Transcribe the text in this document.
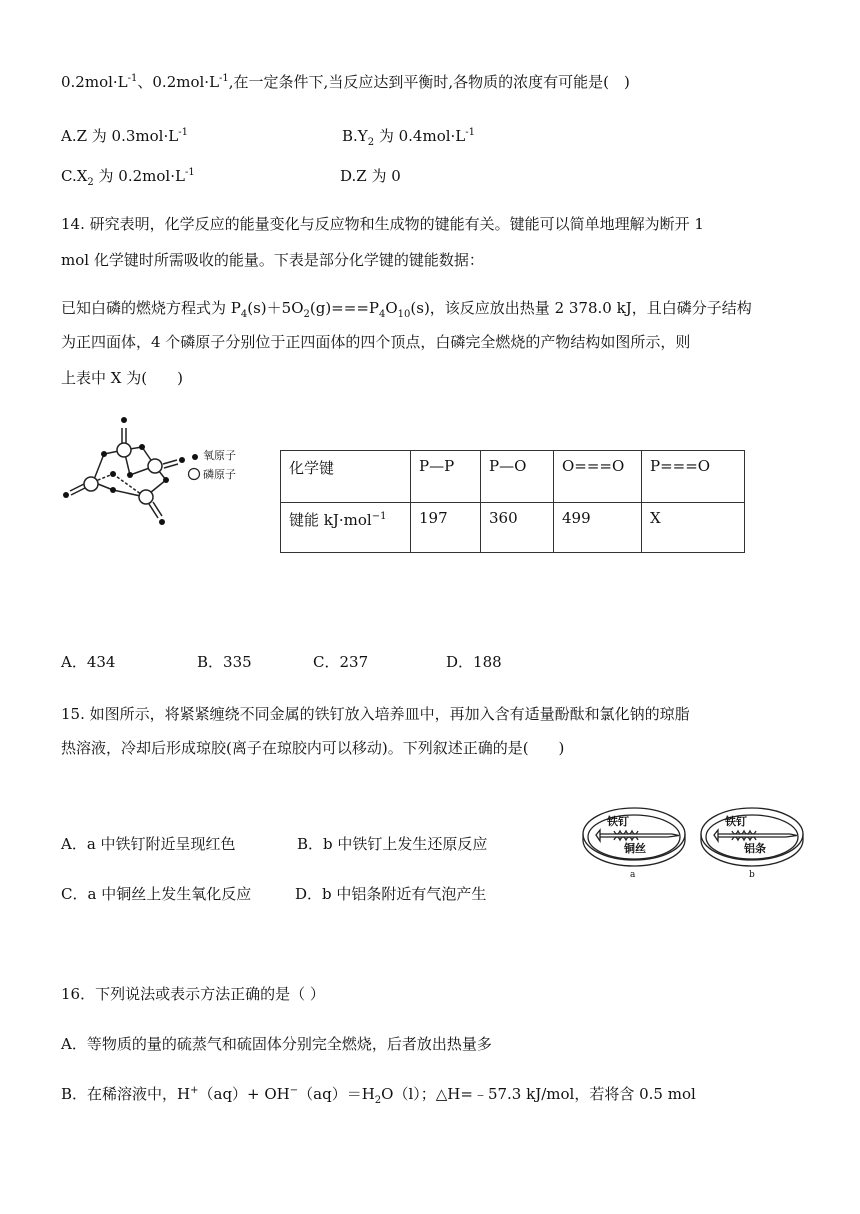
$0.2mol\cdot L^{-1}$、$0.2mol\cdot L^{-1}$,在一定条件下,当反应达到平衡时,各物质的浓度有可能是(　)
A.Z 为 $0.3mol\cdot L^{-1}$	$B.Y_2$ 为 $0.4mol\cdot L^{-1}$
$C.X_2$ 为 $0.2mol\cdot L^{-1}$	D.Z 为 0
14. 研究表明，化学反应的能量变化与反应物和生成物的键能有关。键能可以简单地理解为断开 1
mol 化学键时所需吸收的能量。下表是部分化学键的键能数据：
已知白磷的燃烧方程式为 $P_4(s)+5O_2(g)===P_4O_{10}(s)$，该反应放出热量 2 378.0 kJ，且白磷分子结构
为正四面体，4 个磷原子分别位于正四面体的四个顶点，白磷完全燃烧的产物结构如图所示，则
上表中 X 为(　　)
氧原子
磷原子	化学键	P—P	P—O	O===O	P===O
键能 kJ·mol$^{-1}$	197	360	499	X
A．434	B．335	C．237	D．188
15. 如图所示，将紧紧缠绕不同金属的铁钉放入培养皿中，再加入含有适量酚酞和氯化钠的琼脂
热溶液，冷却后形成琼胶(离子在琼胶内可以移动)。下列叙述正确的是(　　)
A．a 中铁钉附近呈现红色	B．b 中铁钉上发生还原反应
C．a 中铜丝上发生氧化反应	D．b 中铝条附近有气泡产生
铁钉
铜丝
a
铁钉
铝条
b
16．下列说法或表示方法正确的是（ ）
A．等物质的量的硫蒸气和硫固体分别完全燃烧，后者放出热量多
B．在稀溶液中，$H^+(aq)+ OH^-(aq)=H_2O(l)$；△H=﹣57.3 kJ/mol，若将含 0.5 mol
